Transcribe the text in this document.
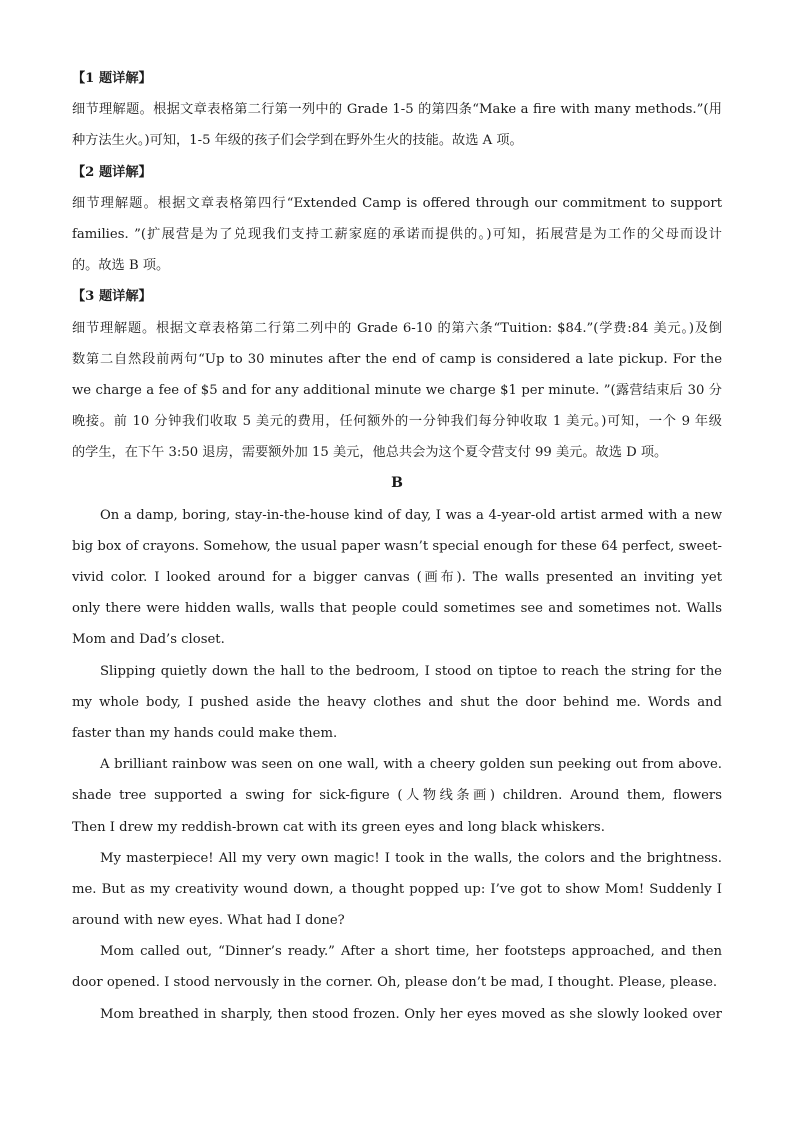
【1 题详解】
细节理解题。根据文章表格第二行第一列中的 Grade 1-5 的第四条“Make a fire with many methods.”(用
种方法生火。)可知，1-5 年级的孩子们会学到在野外生火的技能。故选 A 项。
【2 题详解】
细节理解题。根据文章表格第四行“Extended Camp is offered through our commitment to support
families. ”(扩展营是为了兑现我们支持工薪家庭的承诺而提供的。)可知，拓展营是为工作的父母而设计
的。故选 B 项。
【3 题详解】
细节理解题。根据文章表格第二行第二列中的 Grade 6-10 的第六条“Tuition: $84.”(学费:84 美元。)及倒
数第二自然段前两句“Up to 30 minutes after the end of camp is considered a late pickup. For the
we charge a fee of $5 and for any additional minute we charge $1 per minute. ”(露营结束后 30 分
晚接。前 10 分钟我们收取 5 美元的费用，任何额外的一分钟我们每分钟收取 1 美元。)可知，一个 9 年级
的学生，在下午 3:50 退房，需要额外加 15 美元，他总共会为这个夏令营支付 99 美元。故选 D 项。
B
On a damp, boring, stay-in-the-house kind of day, I was a 4-year-old artist armed with a new
big box of crayons. Somehow, the usual paper wasn’t special enough for these 64 perfect, sweet-
vivid color. I looked around for a bigger canvas (画布). The walls presented an inviting yet
only there were hidden walls, walls that people could sometimes see and sometimes not. Walls
Mom and Dad’s closet.
Slipping quietly down the hall to the bedroom, I stood on tiptoe to reach the string for the
my whole body, I pushed aside the heavy clothes and shut the door behind me. Words and
faster than my hands could make them.
A brilliant rainbow was seen on one wall, with a cheery golden sun peeking out from above.
shade tree supported a swing for sick-figure (人物线条画) children. Around them, flowers
Then I drew my reddish-brown cat with its green eyes and long black whiskers.
My masterpiece! All my very own magic! I took in the walls, the colors and the brightness.
me. But as my creativity wound down, a thought popped up: I’ve got to show Mom! Suddenly I
around with new eyes. What had I done?
Mom called out, “Dinner’s ready.” After a short time, her footsteps approached, and then
door opened. I stood nervously in the corner. Oh, please don’t be mad, I thought. Please, please.
Mom breathed in sharply, then stood frozen. Only her eyes moved as she slowly looked over
